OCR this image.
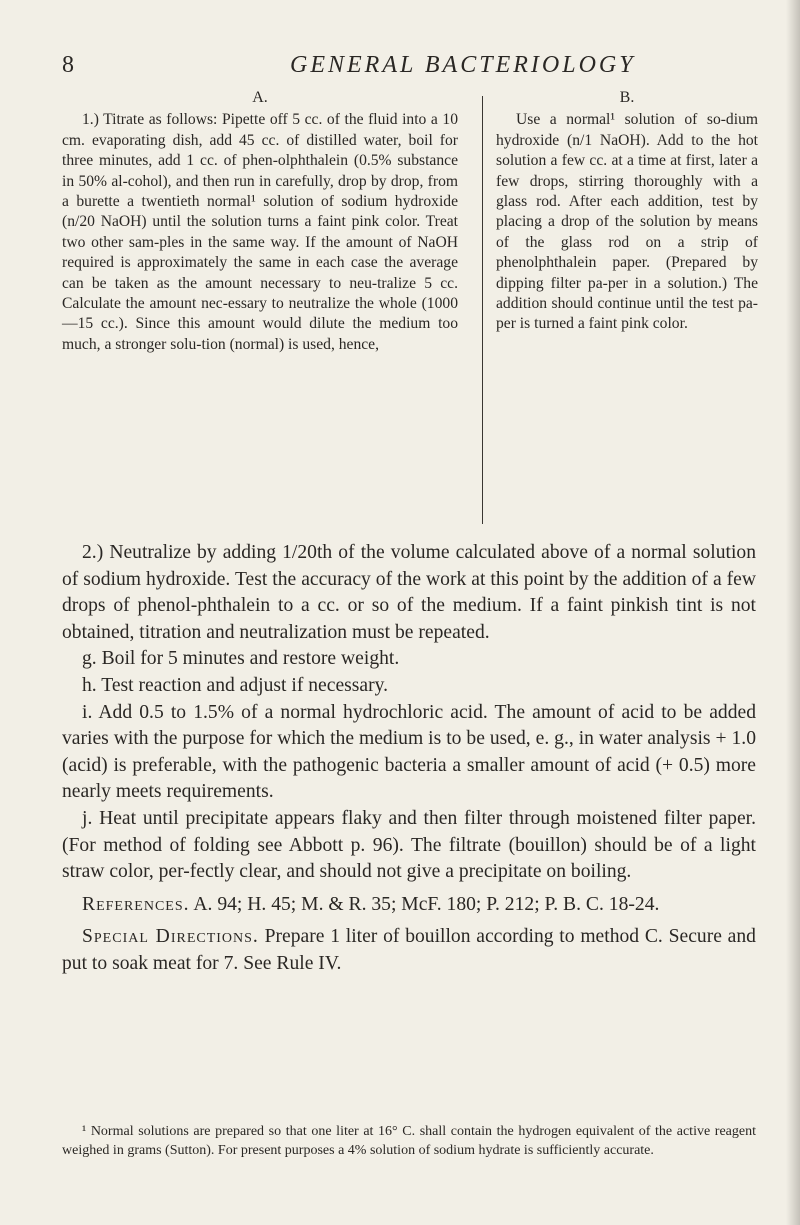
8	GENERAL BACTERIOLOGY
A.

1.) Titrate as follows: Pipette off 5 cc. of the fluid into a 10 cm. evaporating dish, add 45 cc. of distilled water, boil for three minutes, add 1 cc. of phen-olphthalein (0.5% substance in 50% al-cohol), and then run in carefully, drop by drop, from a burette a twentieth normal¹ solution of sodium hydroxide (n/20 NaOH) until the solution turns a faint pink color. Treat two other sam-ples in the same way. If the amount of NaOH required is approximately the same in each case the average can be taken as the amount necessary to neu-tralize 5 cc. Calculate the amount nec-essary to neutralize the whole (1000—15 cc.). Since this amount would dilute the medium too much, a stronger solu-tion (normal) is used, hence,

B.

Use a normal¹ solution of so-dium hydroxide (n/1 NaOH). Add to the hot solution a few cc. at a time at first, later a few drops, stirring thoroughly with a glass rod. After each addition, test by placing a drop of the solution by means of the glass rod on a strip of phenolphthalein paper. (Prepared by dipping filter pa-per in a solution.) The addition should continue until the test pa-per is turned a faint pink color.

2.) Neutralize by adding 1/20th of the volume calculated above of a normal solution of sodium hydroxide. Test the accuracy of the work at this point by the addition of a few drops of phenol-phthalein to a cc. or so of the medium. If a faint pinkish tint is not obtained, titration and neutralization must be repeated.

g. Boil for 5 minutes and restore weight.

h. Test reaction and adjust if necessary.

i. Add 0.5 to 1.5% of a normal hydrochloric acid. The amount of acid to be added varies with the purpose for which the medium is to be used, e. g., in water analysis + 1.0 (acid) is preferable, with the pathogenic bacteria a smaller amount of acid (+ 0.5) more nearly meets requirements.

j. Heat until precipitate appears flaky and then filter through moistened filter paper. (For method of folding see Abbott p. 96). The filtrate (bouillon) should be of a light straw color, per-fectly clear, and should not give a precipitate on boiling.

References. A. 94; H. 45; M. & R. 35; McF. 180; P. 212; P. B. C. 18-24.

Special Directions. Prepare 1 liter of bouillon according to method C. Secure and put to soak meat for 7. See Rule IV.

¹ Normal solutions are prepared so that one liter at 16° C. shall contain the hydrogen equivalent of the active reagent weighed in grams (Sutton). For present purposes a 4% solution of sodium hydrate is sufficiently accurate.
